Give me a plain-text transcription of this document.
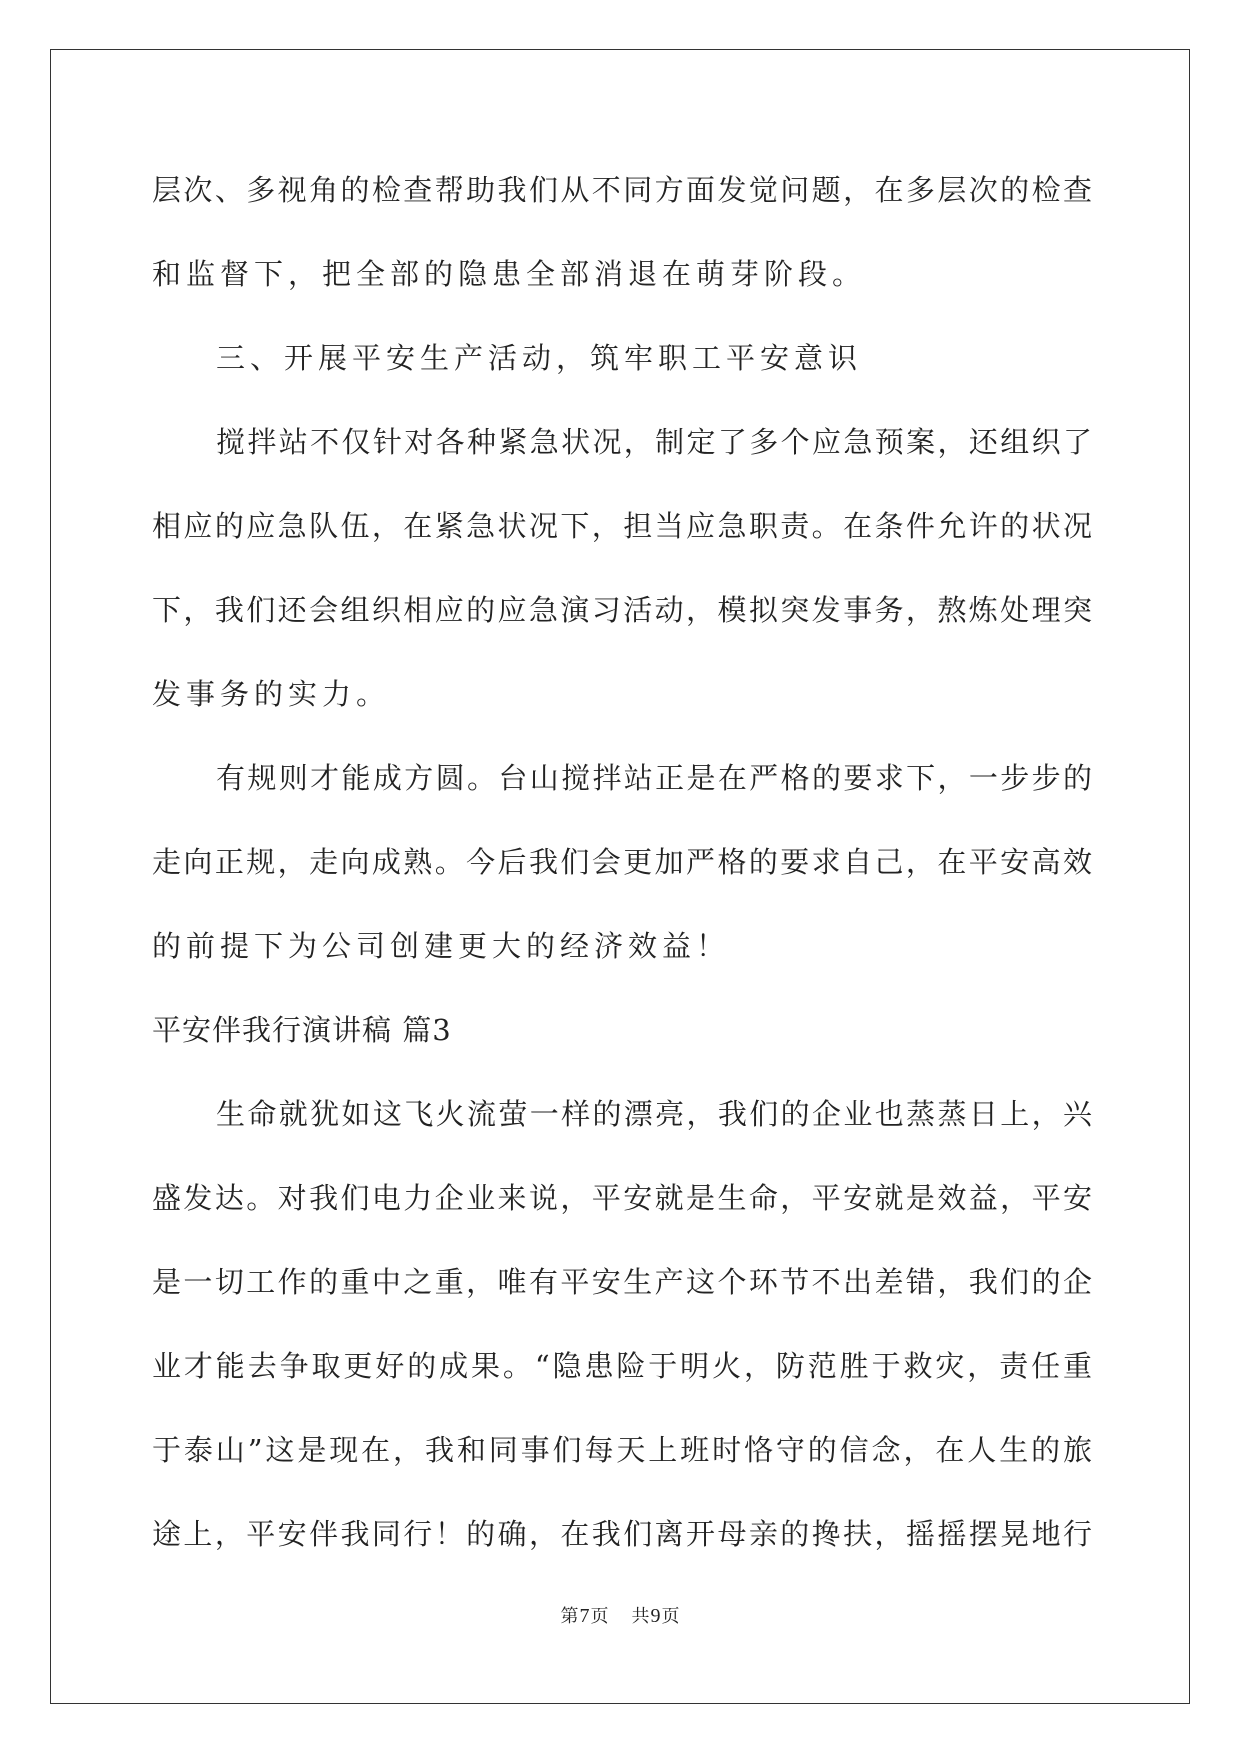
层次、多视角的检查帮助我们从不同方面发觉问题，在多层次的检查
和监督下，把全部的隐患全部消退在萌芽阶段。
三、开展平安生产活动，筑牢职工平安意识
搅拌站不仅针对各种紧急状况，制定了多个应急预案，还组织了
相应的应急队伍，在紧急状况下，担当应急职责。在条件允许的状况
下，我们还会组织相应的应急演习活动，模拟突发事务，熬炼处理突
发事务的实力。
有规则才能成方圆。台山搅拌站正是在严格的要求下，一步步的
走向正规，走向成熟。今后我们会更加严格的要求自己，在平安高效
的前提下为公司创建更大的经济效益！
平安伴我行演讲稿 篇3
生命就犹如这飞火流萤一样的漂亮，我们的企业也蒸蒸日上，兴
盛发达。对我们电力企业来说，平安就是生命，平安就是效益，平安
是一切工作的重中之重，唯有平安生产这个环节不出差错，我们的企
业才能去争取更好的成果。“隐患险于明火，防范胜于救灾，责任重
于泰山”这是现在，我和同事们每天上班时恪守的信念，在人生的旅
途上，平安伴我同行！的确，在我们离开母亲的搀扶，摇摇摆晃地行
第7页 共9页
